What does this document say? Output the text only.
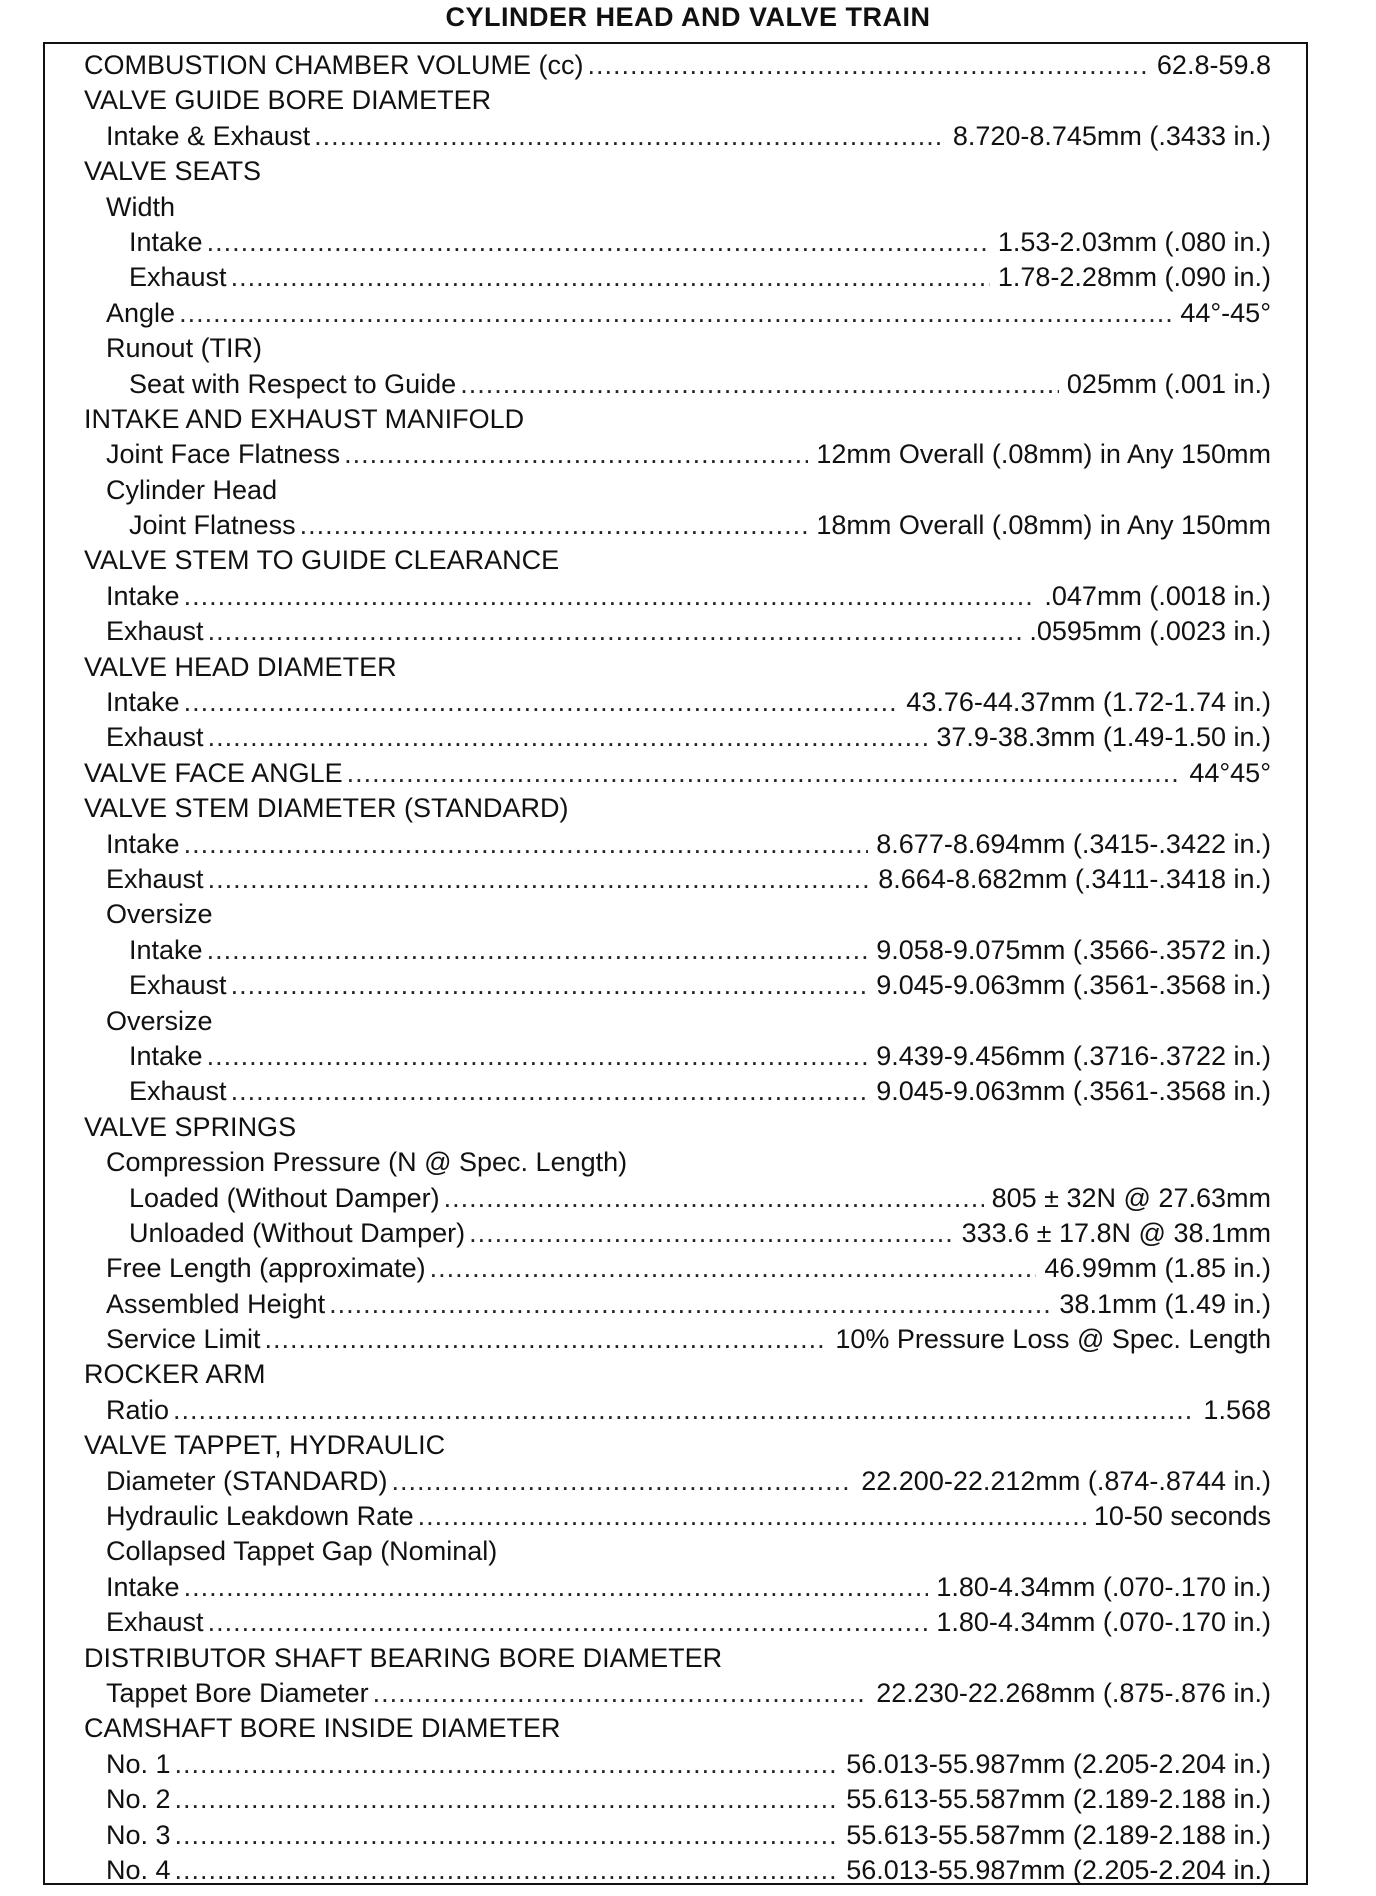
CYLINDER HEAD AND VALVE TRAIN
COMBUSTION CHAMBER VOLUME (cc) .....	62.8-59.8
VALVE GUIDE BORE DIAMETER
Intake & Exhaust .....	8.720-8.745mm (.3433 in.)
VALVE SEATS
Width
Intake .....	1.53-2.03mm (.080 in.)
Exhaust .....	1.78-2.28mm (.090 in.)
Angle .....	44°-45°
Runout (TIR)
Seat with Respect to Guide .....	025mm (.001 in.)
INTAKE AND EXHAUST MANIFOLD
Joint Face Flatness .....	12mm Overall (.08mm) in Any 150mm
Cylinder Head
Joint Flatness .....	18mm Overall (.08mm) in Any 150mm
VALVE STEM TO GUIDE CLEARANCE
Intake .....	.047mm (.0018 in.)
Exhaust .....	.0595mm (.0023 in.)
VALVE HEAD DIAMETER
Intake .....	43.76-44.37mm (1.72-1.74 in.)
Exhaust .....	37.9-38.3mm (1.49-1.50 in.)
VALVE FACE ANGLE .....	44°45°
VALVE STEM DIAMETER (STANDARD)
Intake .....	8.677-8.694mm (.3415-.3422 in.)
Exhaust .....	8.664-8.682mm (.3411-.3418 in.)
Oversize
Intake .....	9.058-9.075mm (.3566-.3572 in.)
Exhaust .....	9.045-9.063mm (.3561-.3568 in.)
Oversize
Intake .....	9.439-9.456mm (.3716-.3722 in.)
Exhaust .....	9.045-9.063mm (.3561-.3568 in.)
VALVE SPRINGS
Compression Pressure (N @ Spec. Length)
Loaded (Without Damper) .....	805 ± 32N @ 27.63mm
Unloaded (Without Damper) .....	333.6 ± 17.8N @ 38.1mm
Free Length (approximate) .....	46.99mm (1.85 in.)
Assembled Height .....	38.1mm (1.49 in.)
Service Limit .....	10% Pressure Loss @ Spec. Length
ROCKER ARM
Ratio .....	1.568
VALVE TAPPET, HYDRAULIC
Diameter (STANDARD) .....	22.200-22.212mm (.874-.8744 in.)
Hydraulic Leakdown Rate .....	10-50 seconds
Collapsed Tappet Gap (Nominal)
Intake .....	1.80-4.34mm (.070-.170 in.)
Exhaust .....	1.80-4.34mm (.070-.170 in.)
DISTRIBUTOR SHAFT BEARING BORE DIAMETER
Tappet Bore Diameter .....	22.230-22.268mm (.875-.876 in.)
CAMSHAFT BORE INSIDE DIAMETER
No. 1 .....	56.013-55.987mm (2.205-2.204 in.)
No. 2 .....	55.613-55.587mm (2.189-2.188 in.)
No. 3 .....	55.613-55.587mm (2.189-2.188 in.)
No. 4 .....	56.013-55.987mm (2.205-2.204 in.)
